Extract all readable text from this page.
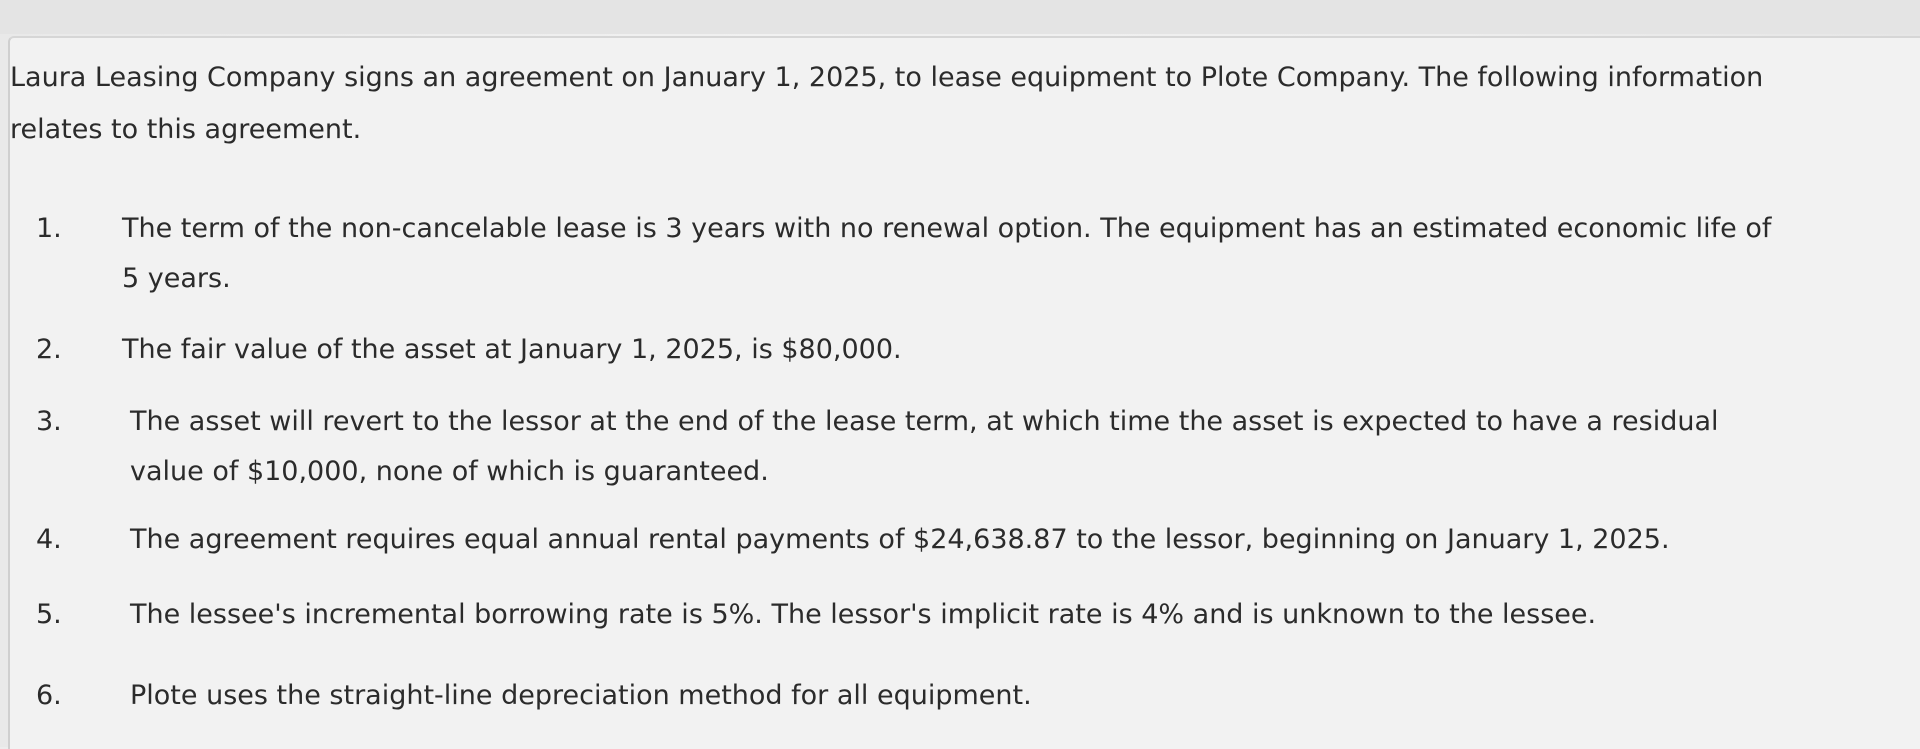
Laura Leasing Company signs an agreement on January 1, 2025, to lease equipment to Plote Company. The following information relates to this agreement.

1.	The term of the non-cancelable lease is 3 years with no renewal option. The equipment has an estimated economic life of 5 years.

2.	The fair value of the asset at January 1, 2025, is $80,000.

3.	The asset will revert to the lessor at the end of the lease term, at which time the asset is expected to have a residual value of $10,000, none of which is guaranteed.

4.	The agreement requires equal annual rental payments of $24,638.87 to the lessor, beginning on January 1, 2025.

5.	The lessee's incremental borrowing rate is 5%. The lessor's implicit rate is 4% and is unknown to the lessee.

6.	Plote uses the straight-line depreciation method for all equipment.
